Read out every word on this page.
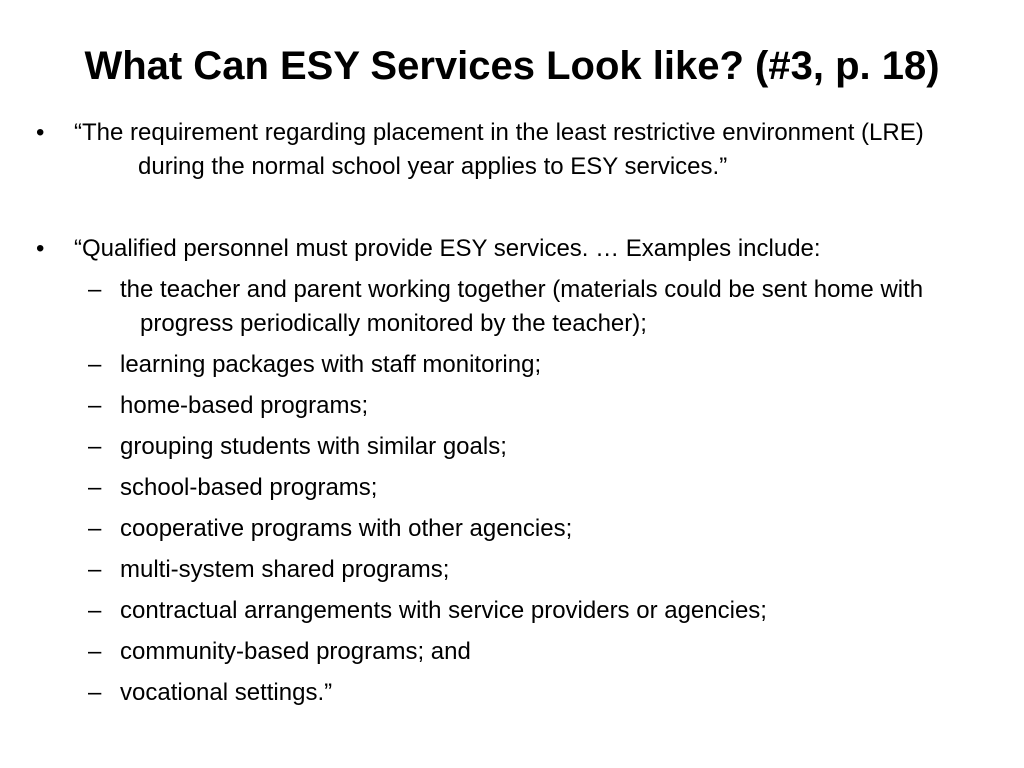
What Can ESY Services Look like? (#3, p. 18)
• “The requirement regarding placement in the least restrictive environment (LRE) during the normal school year applies to ESY services.”
• “Qualified personnel must provide ESY services. … Examples include:
– the teacher and parent working together (materials could be sent home with progress periodically monitored by the teacher);
– learning packages with staff monitoring;
– home-based programs;
– grouping students with similar goals;
– school-based programs;
– cooperative programs with other agencies;
– multi-system shared programs;
– contractual arrangements with service providers or agencies;
– community-based programs; and
– vocational settings.”
